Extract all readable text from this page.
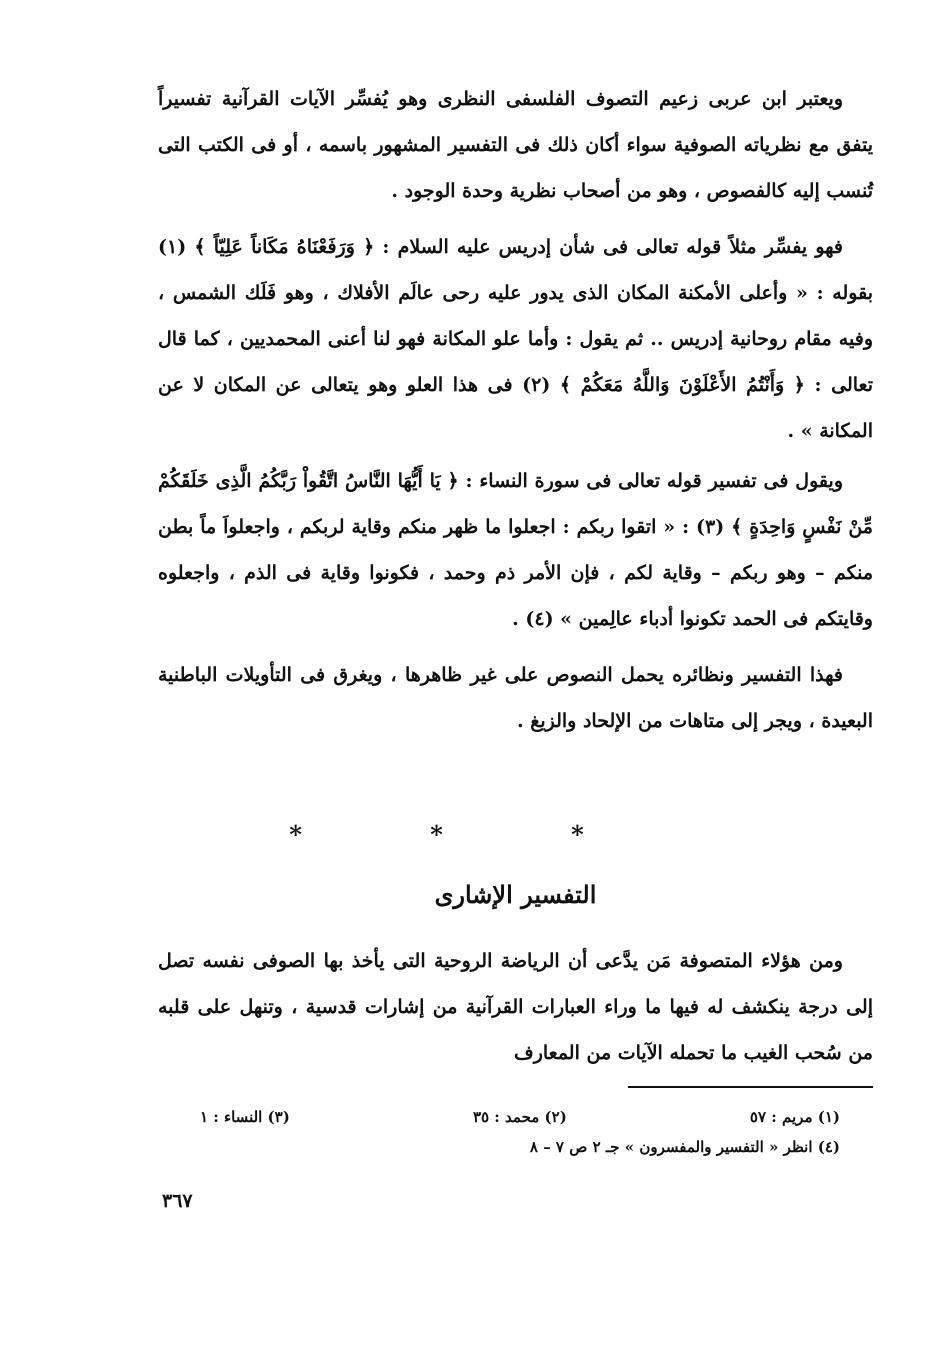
ويعتبر ابن عربى زعيم التصوف الفلسفى النظرى وهو يُفسِّر الآيات القرآنية تفسيراً يتفق مع نظرياته الصوفية سواء أكان ذلك فى التفسير المشهور باسمه ، أو فى الكتب التى تُنسب إليه كالفصوص ، وهو من أصحاب نظرية وحدة الوجود .

فهو يفسِّر مثلاً قوله تعالى فى شأن إدريس عليه السلام : ﴿ وَرَفَعْنَاهُ مَكَاناً عَلِيّاً ﴾ (١) بقوله : « وأعلى الأمكنة المكان الذى يدور عليه رحى عالَم الأفلاك ، وهو فَلَك الشمس ، وفيه مقام روحانية إدريس .. ثم يقول : وأما علو المكانة فهو لنا أعنى المحمديين ، كما قال تعالى : ﴿ وَأَنْتُمُ الأَعْلَوْنَ وَاللَّهُ مَعَكُمْ ﴾ (٢) فى هذا العلو وهو يتعالى عن المكان لا عن المكانة » .

ويقول فى تفسير قوله تعالى فى سورة النساء : ﴿ يَا أَيُّهَا النَّاسُ اتَّقُواْ رَبَّكُمُ الَّذِى خَلَقَكُمْ مِّنْ نَفْسٍ وَاحِدَةٍ ﴾ (٣) : « اتقوا ربكم : اجعلوا ما ظهر منكم وقاية لربكم ، واجعلواَ ماً بطن منكم – وهو ربكم – وقاية لكم ، فإن الأمر ذم وحمد ، فكونوا وقاية فى الذم ، واجعلوه وقايتكم فى الحمد تكونوا أدباء عالِمين » (٤) .

فهذا التفسير ونظائره يحمل النصوص على غير ظاهرها ، ويغرق فى التأويلات الباطنية البعيدة ، ويجر إلى متاهات من الإلحاد والزيغ .

* * *
التفسير الإشارى

ومن هؤلاء المتصوفة مَن يدَّعى أن الرياضة الروحية التى يأخذ بها الصوفى نفسه تصل إلى درجة ينكشف له فيها ما وراء العبارات القرآنية من إشارات قدسية ، وتنهل على قلبه من سُحب الغيب ما تحمله الآيات من المعارف

(١) مريم : ٥٧
(٢) محمد : ٣٥
(٣) النساء : ١
(٤) انظر « التفسير والمفسرون » جـ ٢ ص ٧ – ٨
٣٦٧
